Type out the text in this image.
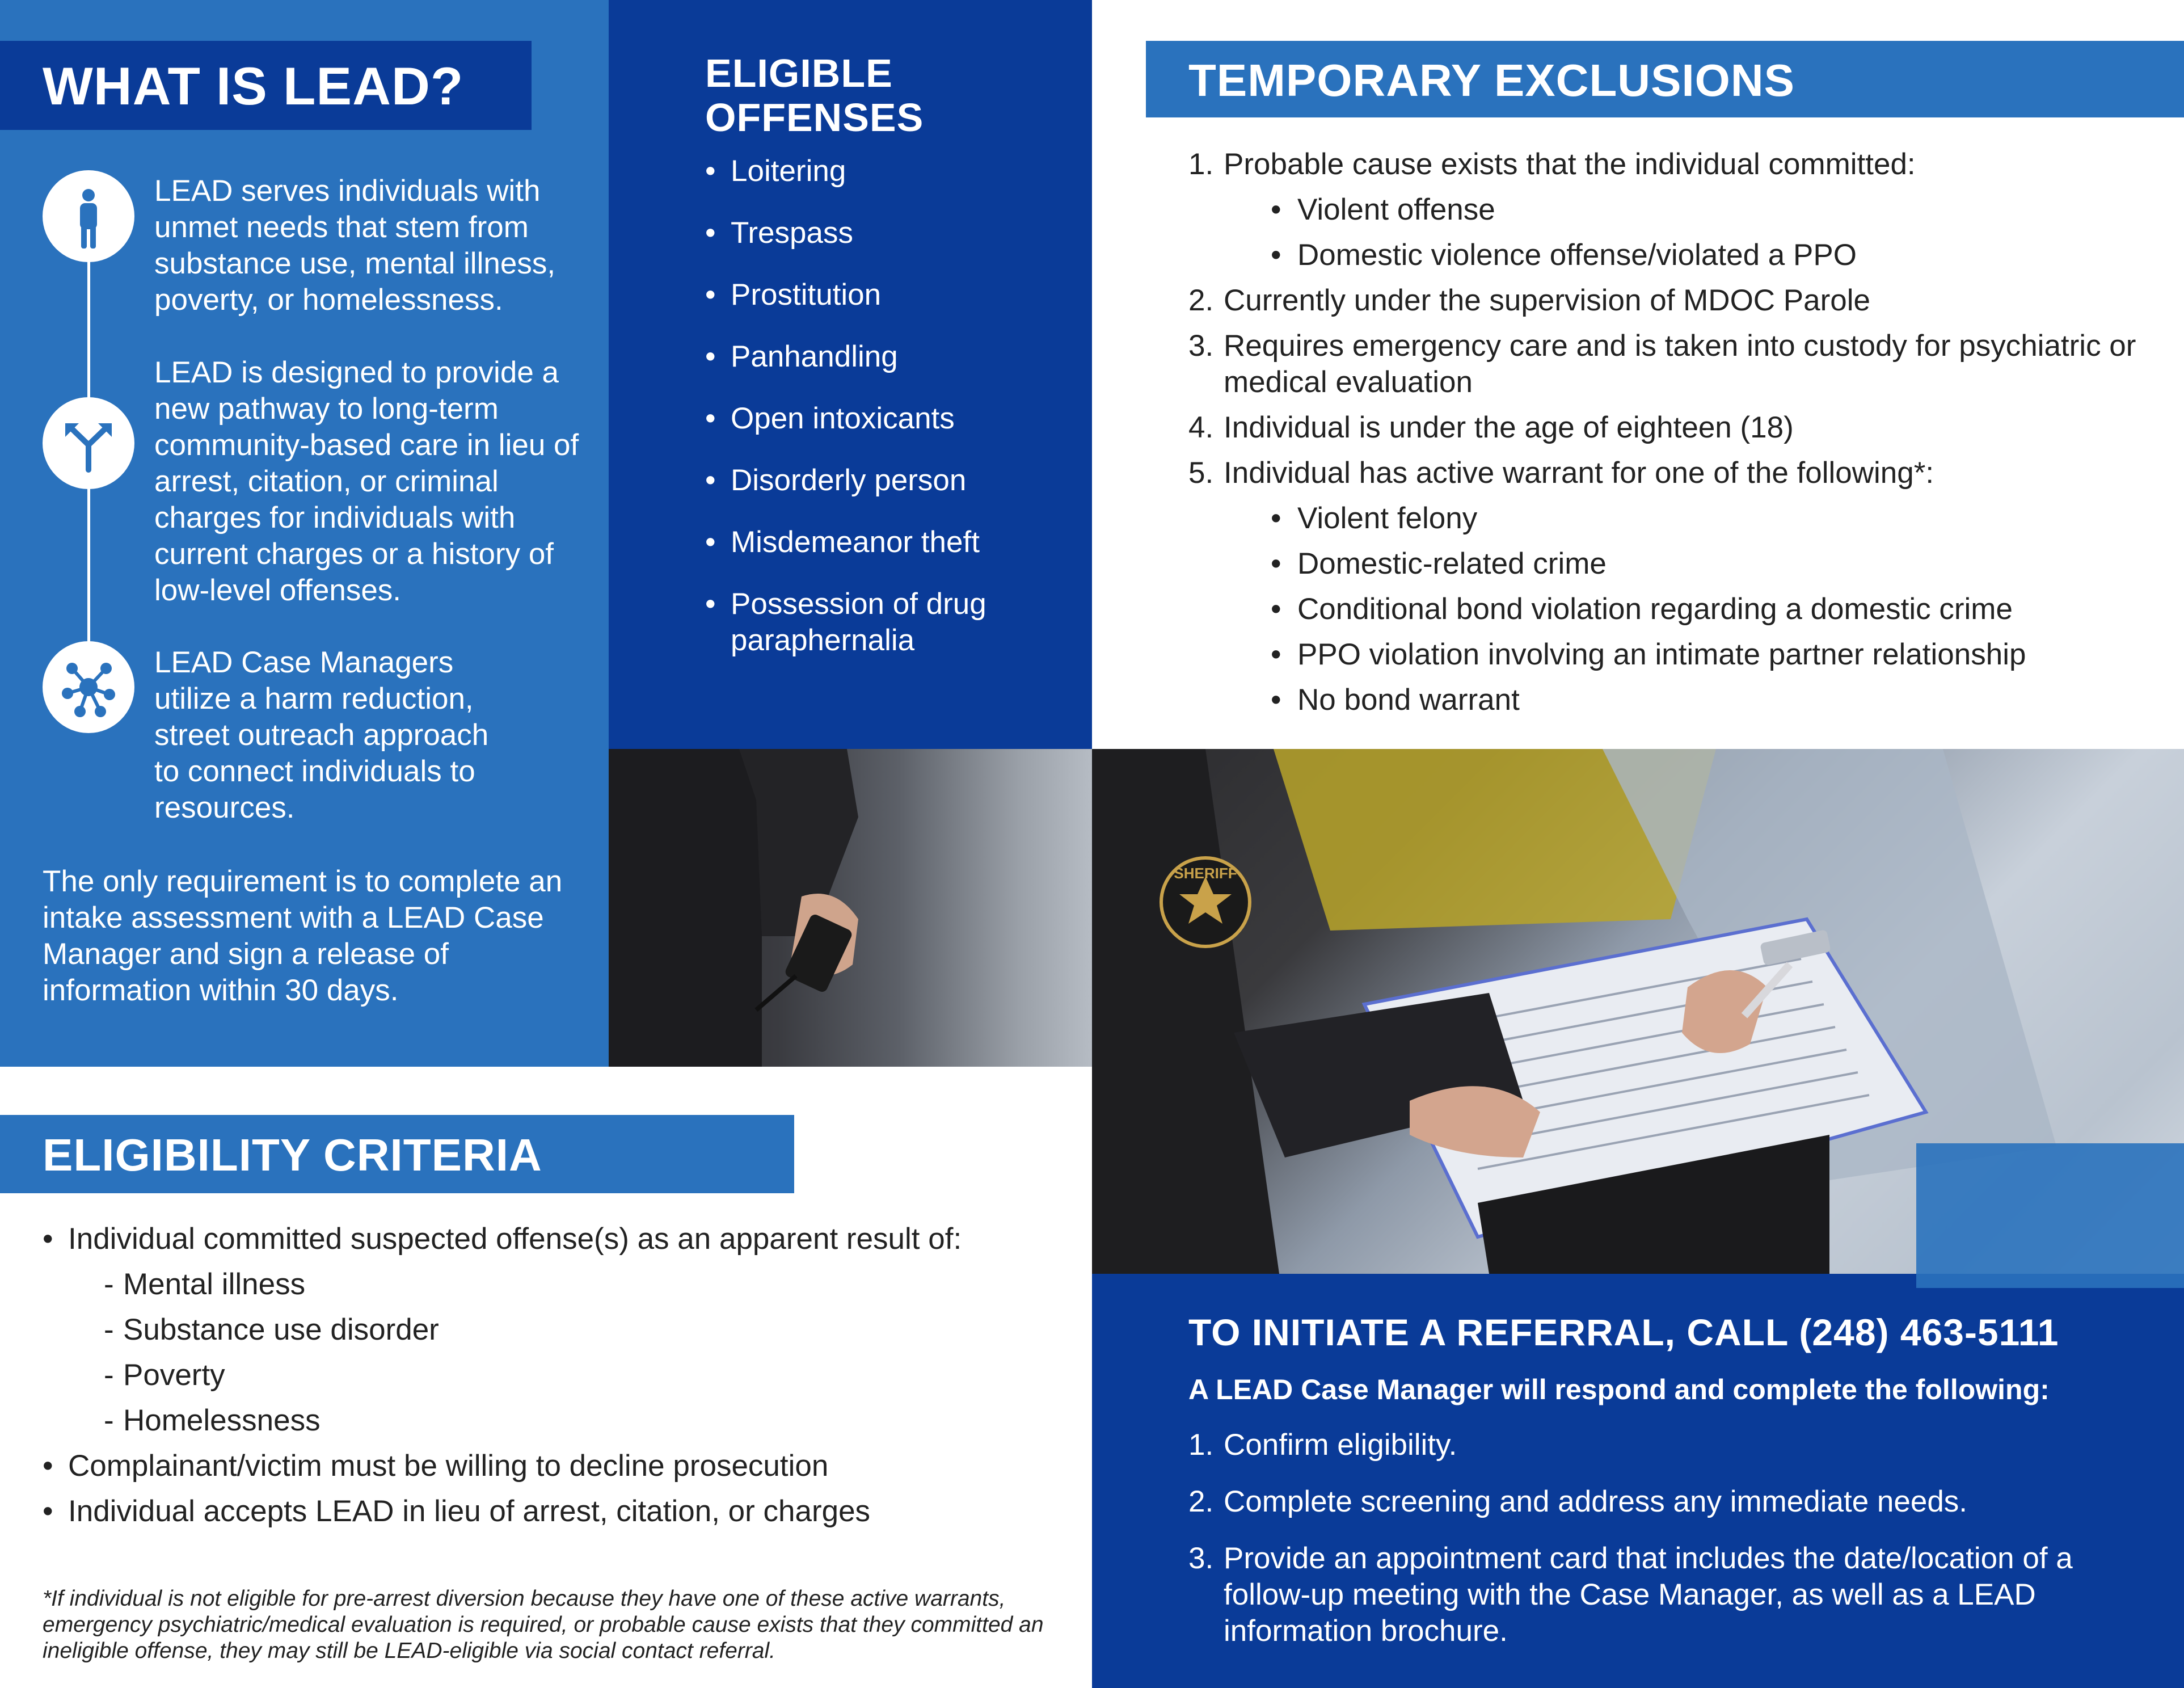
WHAT IS LEAD?
LEAD serves individuals with unmet needs that stem from substance use, mental illness, poverty, or homelessness.
LEAD is designed to provide a new pathway to long-term community-based care in lieu of arrest, citation, or criminal charges for individuals with current charges or a history of low-level offenses.
LEAD Case Managers utilize a harm reduction, street outreach approach to connect individuals to resources.
The only requirement is to complete an intake assessment with a LEAD Case Manager and sign a release of information within 30 days.
ELIGIBLE OFFENSES
• Loitering
• Trespass
• Prostitution
• Panhandling
• Open intoxicants
• Disorderly person
• Misdemeanor theft
• Possession of drug paraphernalia
TEMPORARY EXCLUSIONS
1. Probable cause exists that the individual committed:
• Violent offense
• Domestic violence offense/violated a PPO
2. Currently under the supervision of MDOC Parole
3. Requires emergency care and is taken into custody for psychiatric or medical evaluation
4. Individual is under the age of eighteen (18)
5. Individual has active warrant for one of the following*:
• Violent felony
• Domestic-related crime
• Conditional bond violation regarding a domestic crime
• PPO violation involving an intimate partner relationship
• No bond warrant
SHERIFF
ELIGIBILITY CRITERIA
• Individual committed suspected offense(s) as an apparent result of:
- Mental illness
- Substance use disorder
- Poverty
- Homelessness
• Complainant/victim must be willing to decline prosecution
• Individual accepts LEAD in lieu of arrest, citation, or charges
*If individual is not eligible for pre-arrest diversion because they have one of these active warrants, emergency psychiatric/medical evaluation is required, or probable cause exists that they committed an ineligible offense, they may still be LEAD-eligible via social contact referral.
TO INITIATE A REFERRAL, CALL (248) 463-5111
A LEAD Case Manager will respond and complete the following:
1. Confirm eligibility.
2. Complete screening and address any immediate needs.
3. Provide an appointment card that includes the date/location of a follow-up meeting with the Case Manager, as well as a LEAD information brochure.
